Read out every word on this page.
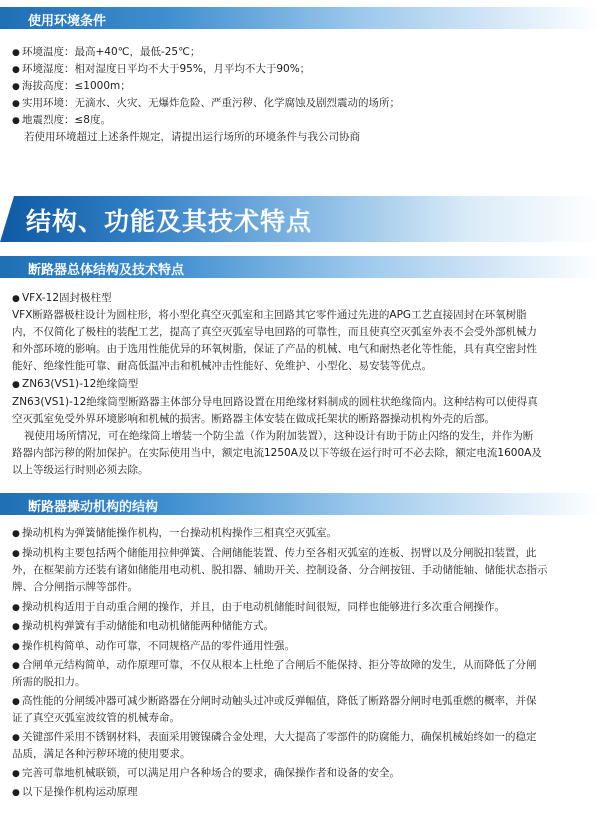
使用环境条件
● 环境温度：最高+40℃，最低-25℃；
● 环境湿度：相对湿度日平均不大于95%，月平均不大于90%；
● 海拔高度：≤1000m；
● 实用环境：无滴水、火灾、无爆炸危险、严重污秽、化学腐蚀及剧烈震动的场所；
● 地震烈度：≤8度。
若使用环境超过上述条件规定，请提出运行场所的环境条件与我公司协商
结构、功能及其技术特点
断路器总体结构及技术特点
● VFX-12固封极柱型
VFX断路器极柱设计为圆柱形，将小型化真空灭弧室和主回路其它零件通过先进的APG工艺直接固封在环氧树脂
内，不仅简化了极柱的装配工艺，提高了真空灭弧室导电回路的可靠性，而且使真空灭弧室外表不会受外部机械力
和外部环境的影响。由于选用性能优异的环氧树脂，保证了产品的机械、电气和耐热老化等性能，具有真空密封性
能好、绝缘性能可靠、耐高低温冲击和机械冲击性能好、免维护、小型化、易安装等优点。
● ZN63(VS1)-12绝缘筒型
ZN63(VS1)-12绝缘筒型断路器主体部分导电回路设置在用绝缘材料制成的圆柱状绝缘筒内。这种结构可以使得真
空灭弧室免受外界环境影响和机械的损害。断路器主体安装在做成托架状的断路器操动机构外壳的后部。
视使用场所情况，可在绝缘筒上增装一个防尘盖（作为附加装置），这种设计有助于防止闪络的发生，并作为断
路器内部污秽的附加保护。在实际使用当中，额定电流1250A及以下等级在运行时可不必去除，额定电流1600A及
以上等级运行时则必须去除。
断路器操动机构的结构
● 操动机构为弹簧储能操作机构，一台操动机构操作三相真空灭弧室。
● 操动机构主要包括两个储能用拉伸弹簧、合闸储能装置、传力至各相灭弧室的连板、拐臂以及分闸脱扣装置，此
外，在框架前方还装有诸如储能用电动机、脱扣器、辅助开关、控制设备、分合闸按钮、手动储能轴、储能状态指示
牌、合分闸指示牌等部件。
● 操动机构适用于自动重合闸的操作，并且，由于电动机储能时间很短，同样也能够进行多次重合闸操作。
● 操动机构弹簧有手动储能和电动机储能两种储能方式。
● 操作机构简单、动作可靠，不同规格产品的零件通用性强。
● 合闸单元结构简单，动作原理可靠，不仅从根本上杜绝了合闸后不能保持、拒分等故障的发生，从而降低了分闸
所需的脱扣力。
● 高性能的分闸缓冲器可减少断路器在分闸时动触头过冲或反弹幅值，降低了断路器分闸时电弧重燃的概率，并保
证了真空灭弧室波纹管的机械寿命。
● 关键部件采用不锈钢材料，表面采用镀镍磷合金处理，大大提高了零部件的防腐能力，确保机械始终如一的稳定
品质，满足各种污秽环境的使用要求。
● 完善可靠地机械联锁，可以满足用户各种场合的要求，确保操作者和设备的安全。
● 以下是操作机构运动原理
